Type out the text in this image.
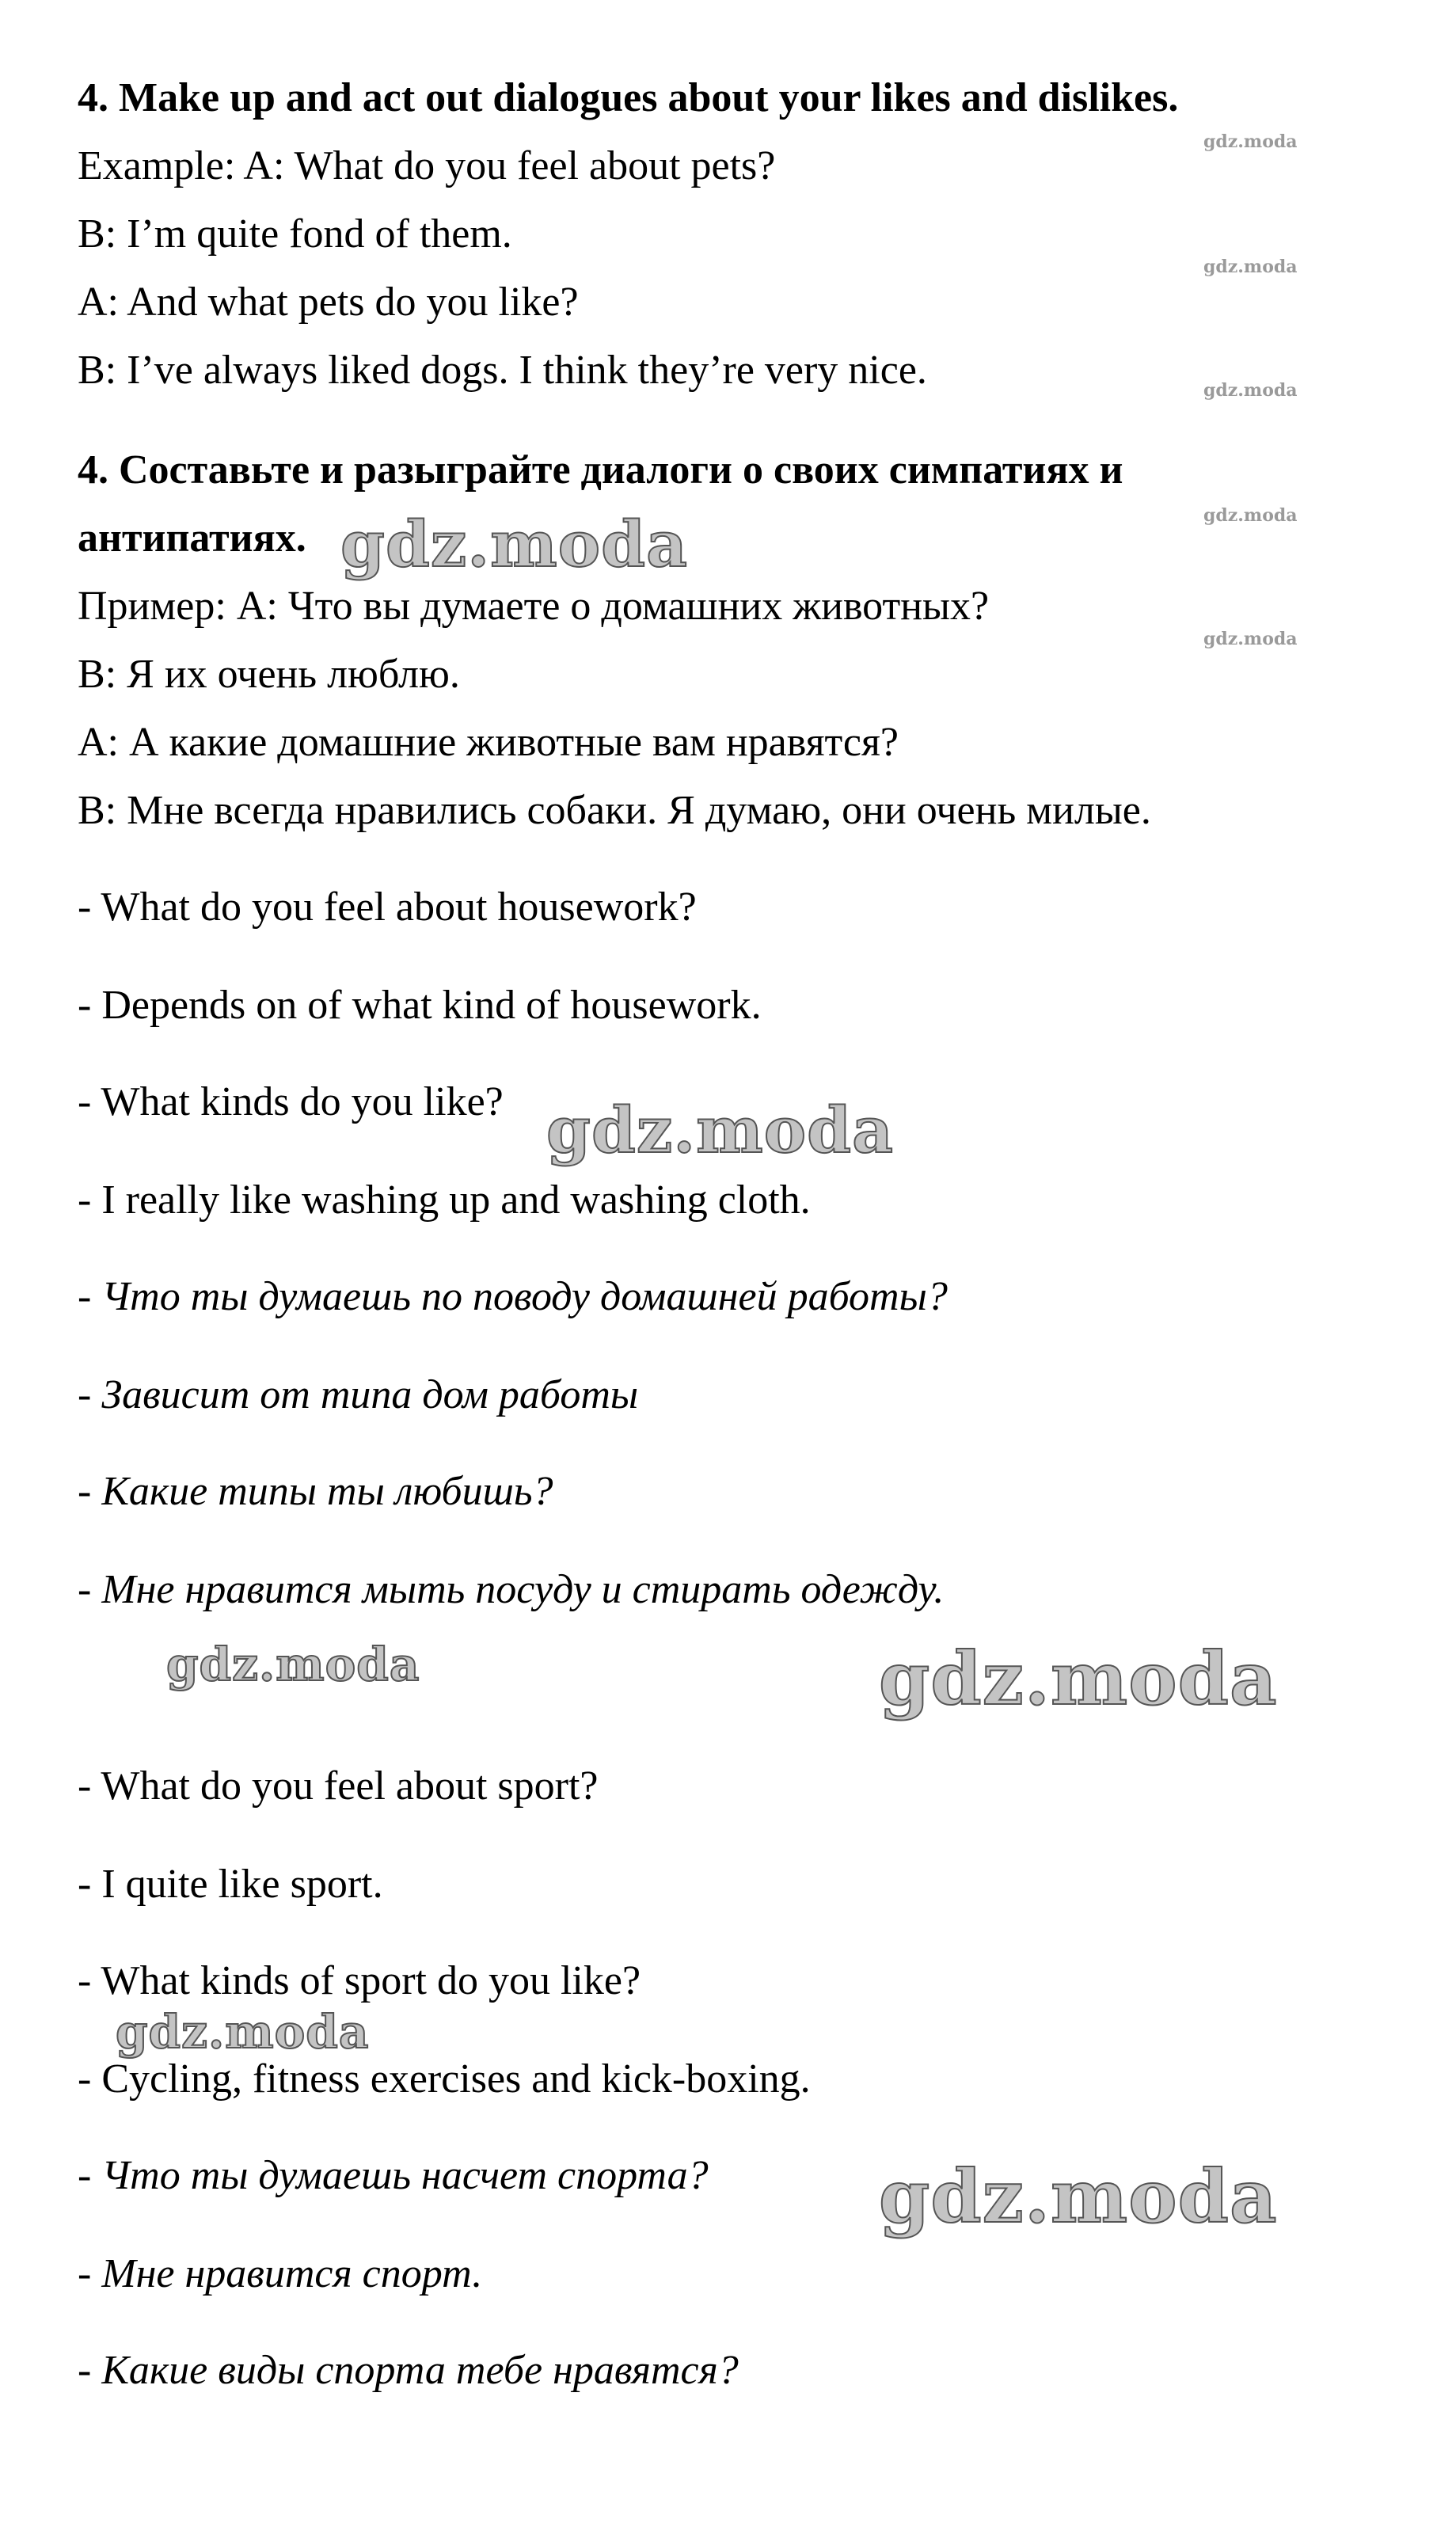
4. Make up and act out dialogues about your likes and dislikes.
Example: A: What do you feel about pets?
B: I’m quite fond of them.
A: And what pets do you like?
B: I’ve always liked dogs. I think they’re very nice.
4. Составьте и разыграйте диалоги о своих симпатиях и
антипатиях.
Пример: А: Что вы думаете о домашних животных?
В: Я их очень люблю.
А: А какие домашние животные вам нравятся?
В: Мне всегда нравились собаки. Я думаю, они очень милые.
- What do you feel about housework?
- Depends on of what kind of housework.
- What kinds do you like?
- I really like washing up and washing cloth.
- Что ты думаешь по поводу домашней работы?
- Зависит от типа дом работы
- Какие типы ты любишь?
- Мне нравится мыть посуду и стирать одежду.
- What do you feel about sport?
- I quite like sport.
- What kinds of sport do you like?
- Cycling, fitness exercises and kick-boxing.
- Что ты думаешь насчет спорта?
- Мне нравится спорт.
- Какие виды спорта тебе нравятся?
gdz.moda
gdz.moda
gdz.moda
gdz.moda
gdz.moda
gdz.moda
gdz.moda
gdz.moda	gdz.moda
gdz.moda
gdz.moda
